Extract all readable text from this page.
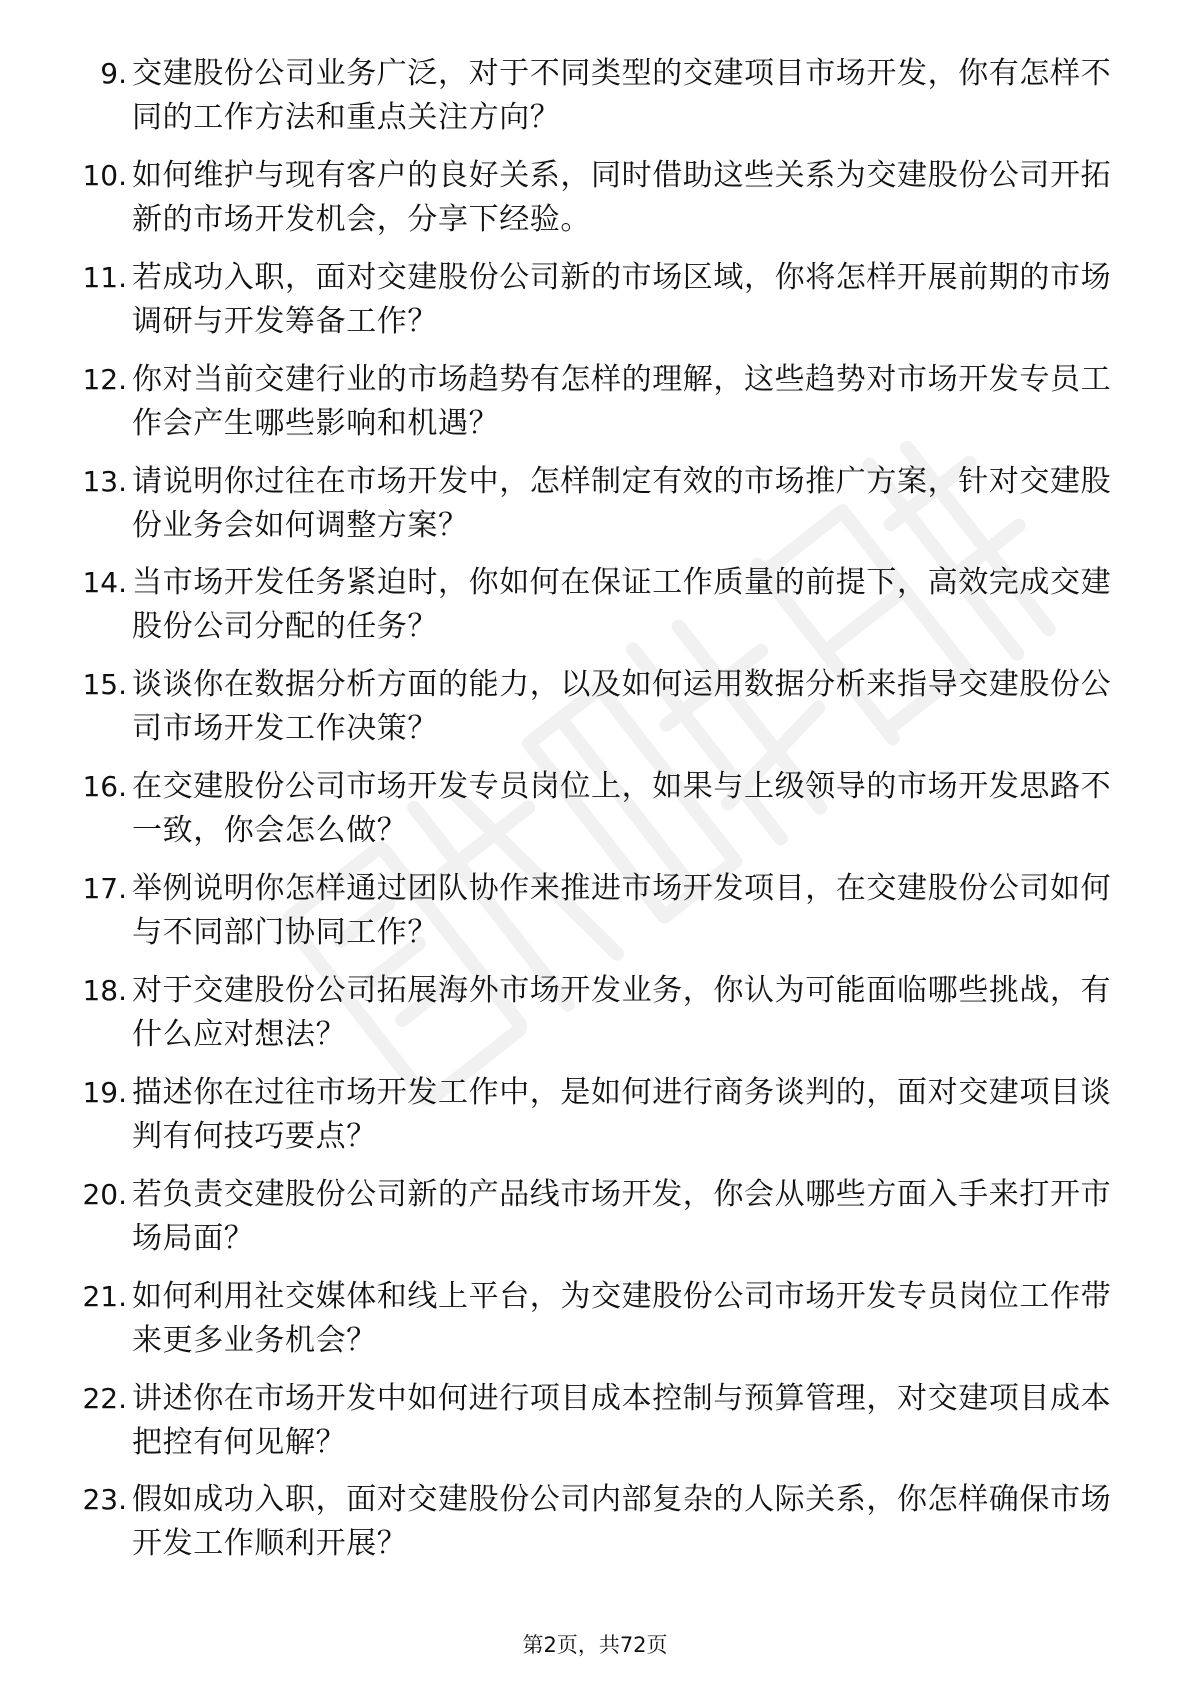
9. 交建股份公司业务广泛，对于不同类型的交建项目市场开发，你有怎样不同的工作方法和重点关注方向？
10. 如何维护与现有客户的良好关系，同时借助这些关系为交建股份公司开拓新的市场开发机会，分享下经验。
11. 若成功入职，面对交建股份公司新的市场区域，你将怎样开展前期的市场调研与开发筹备工作？
12. 你对当前交建行业的市场趋势有怎样的理解，这些趋势对市场开发专员工作会产生哪些影响和机遇？
13. 请说明你过往在市场开发中，怎样制定有效的市场推广方案，针对交建股份业务会如何调整方案？
14. 当市场开发任务紧迫时，你如何在保证工作质量的前提下，高效完成交建股份公司分配的任务？
15. 谈谈你在数据分析方面的能力，以及如何运用数据分析来指导交建股份公司市场开发工作决策？
16. 在交建股份公司市场开发专员岗位上，如果与上级领导的市场开发思路不一致，你会怎么做？
17. 举例说明你怎样通过团队协作来推进市场开发项目，在交建股份公司如何与不同部门协同工作？
18. 对于交建股份公司拓展海外市场开发业务，你认为可能面临哪些挑战，有什么应对想法？
19. 描述你在过往市场开发工作中，是如何进行商务谈判的，面对交建项目谈判有何技巧要点？
20. 若负责交建股份公司新的产品线市场开发，你会从哪些方面入手来打开市场局面？
21. 如何利用社交媒体和线上平台，为交建股份公司市场开发专员岗位工作带来更多业务机会？
22. 讲述你在市场开发中如何进行项目成本控制与预算管理，对交建项目成本把控有何见解？
23. 假如成功入职，面对交建股份公司内部复杂的人际关系，你怎样确保市场开发工作顺利开展？
第2页，共72页
